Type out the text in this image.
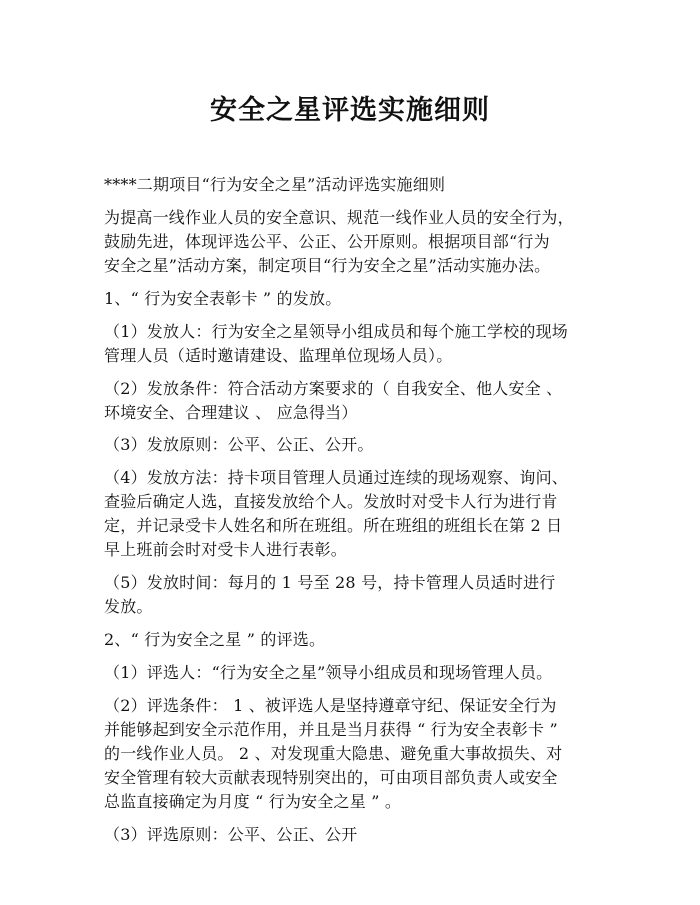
安全之星评选实施细则
****二期项目“行为安全之星”活动评选实施细则
为提高一线作业人员的安全意识、规范一线作业人员的安全行为，
鼓励先进，体现评选公平、公正、公开原则。根据项目部“行为
安全之星”活动方案，制定项目“行为安全之星”活动实施办法。
1、“ 行为安全表彰卡 ” 的发放。
（1）发放人：行为安全之星领导小组成员和每个施工学校的现场
管理人员（适时邀请建设、监理单位现场人员）。
（2）发放条件：符合活动方案要求的（ 自我安全、他人安全 、
环境安全、合理建议 、 应急得当）
（3）发放原则：公平、公正、公开。
（4）发放方法：持卡项目管理人员通过连续的现场观察、询问、
查验后确定人选，直接发放给个人。发放时对受卡人行为进行肯
定，并记录受卡人姓名和所在班组。所在班组的班组长在第 2 日
早上班前会时对受卡人进行表彰。
（5）发放时间：每月的 1 号至 28 号，持卡管理人员适时进行
发放。
2、“ 行为安全之星 ” 的评选。
（1）评选人：“行为安全之星”领导小组成员和现场管理人员。
（2）评选条件： 1 、被评选人是坚持遵章守纪、保证安全行为
并能够起到安全示范作用，并且是当月获得 “ 行为安全表彰卡 ”
的一线作业人员。 2 、对发现重大隐患、避免重大事故损失、对
安全管理有较大贡献表现特别突出的，可由项目部负责人或安全
总监直接确定为月度 “ 行为安全之星 ” 。
（3）评选原则：公平、公正、公开
